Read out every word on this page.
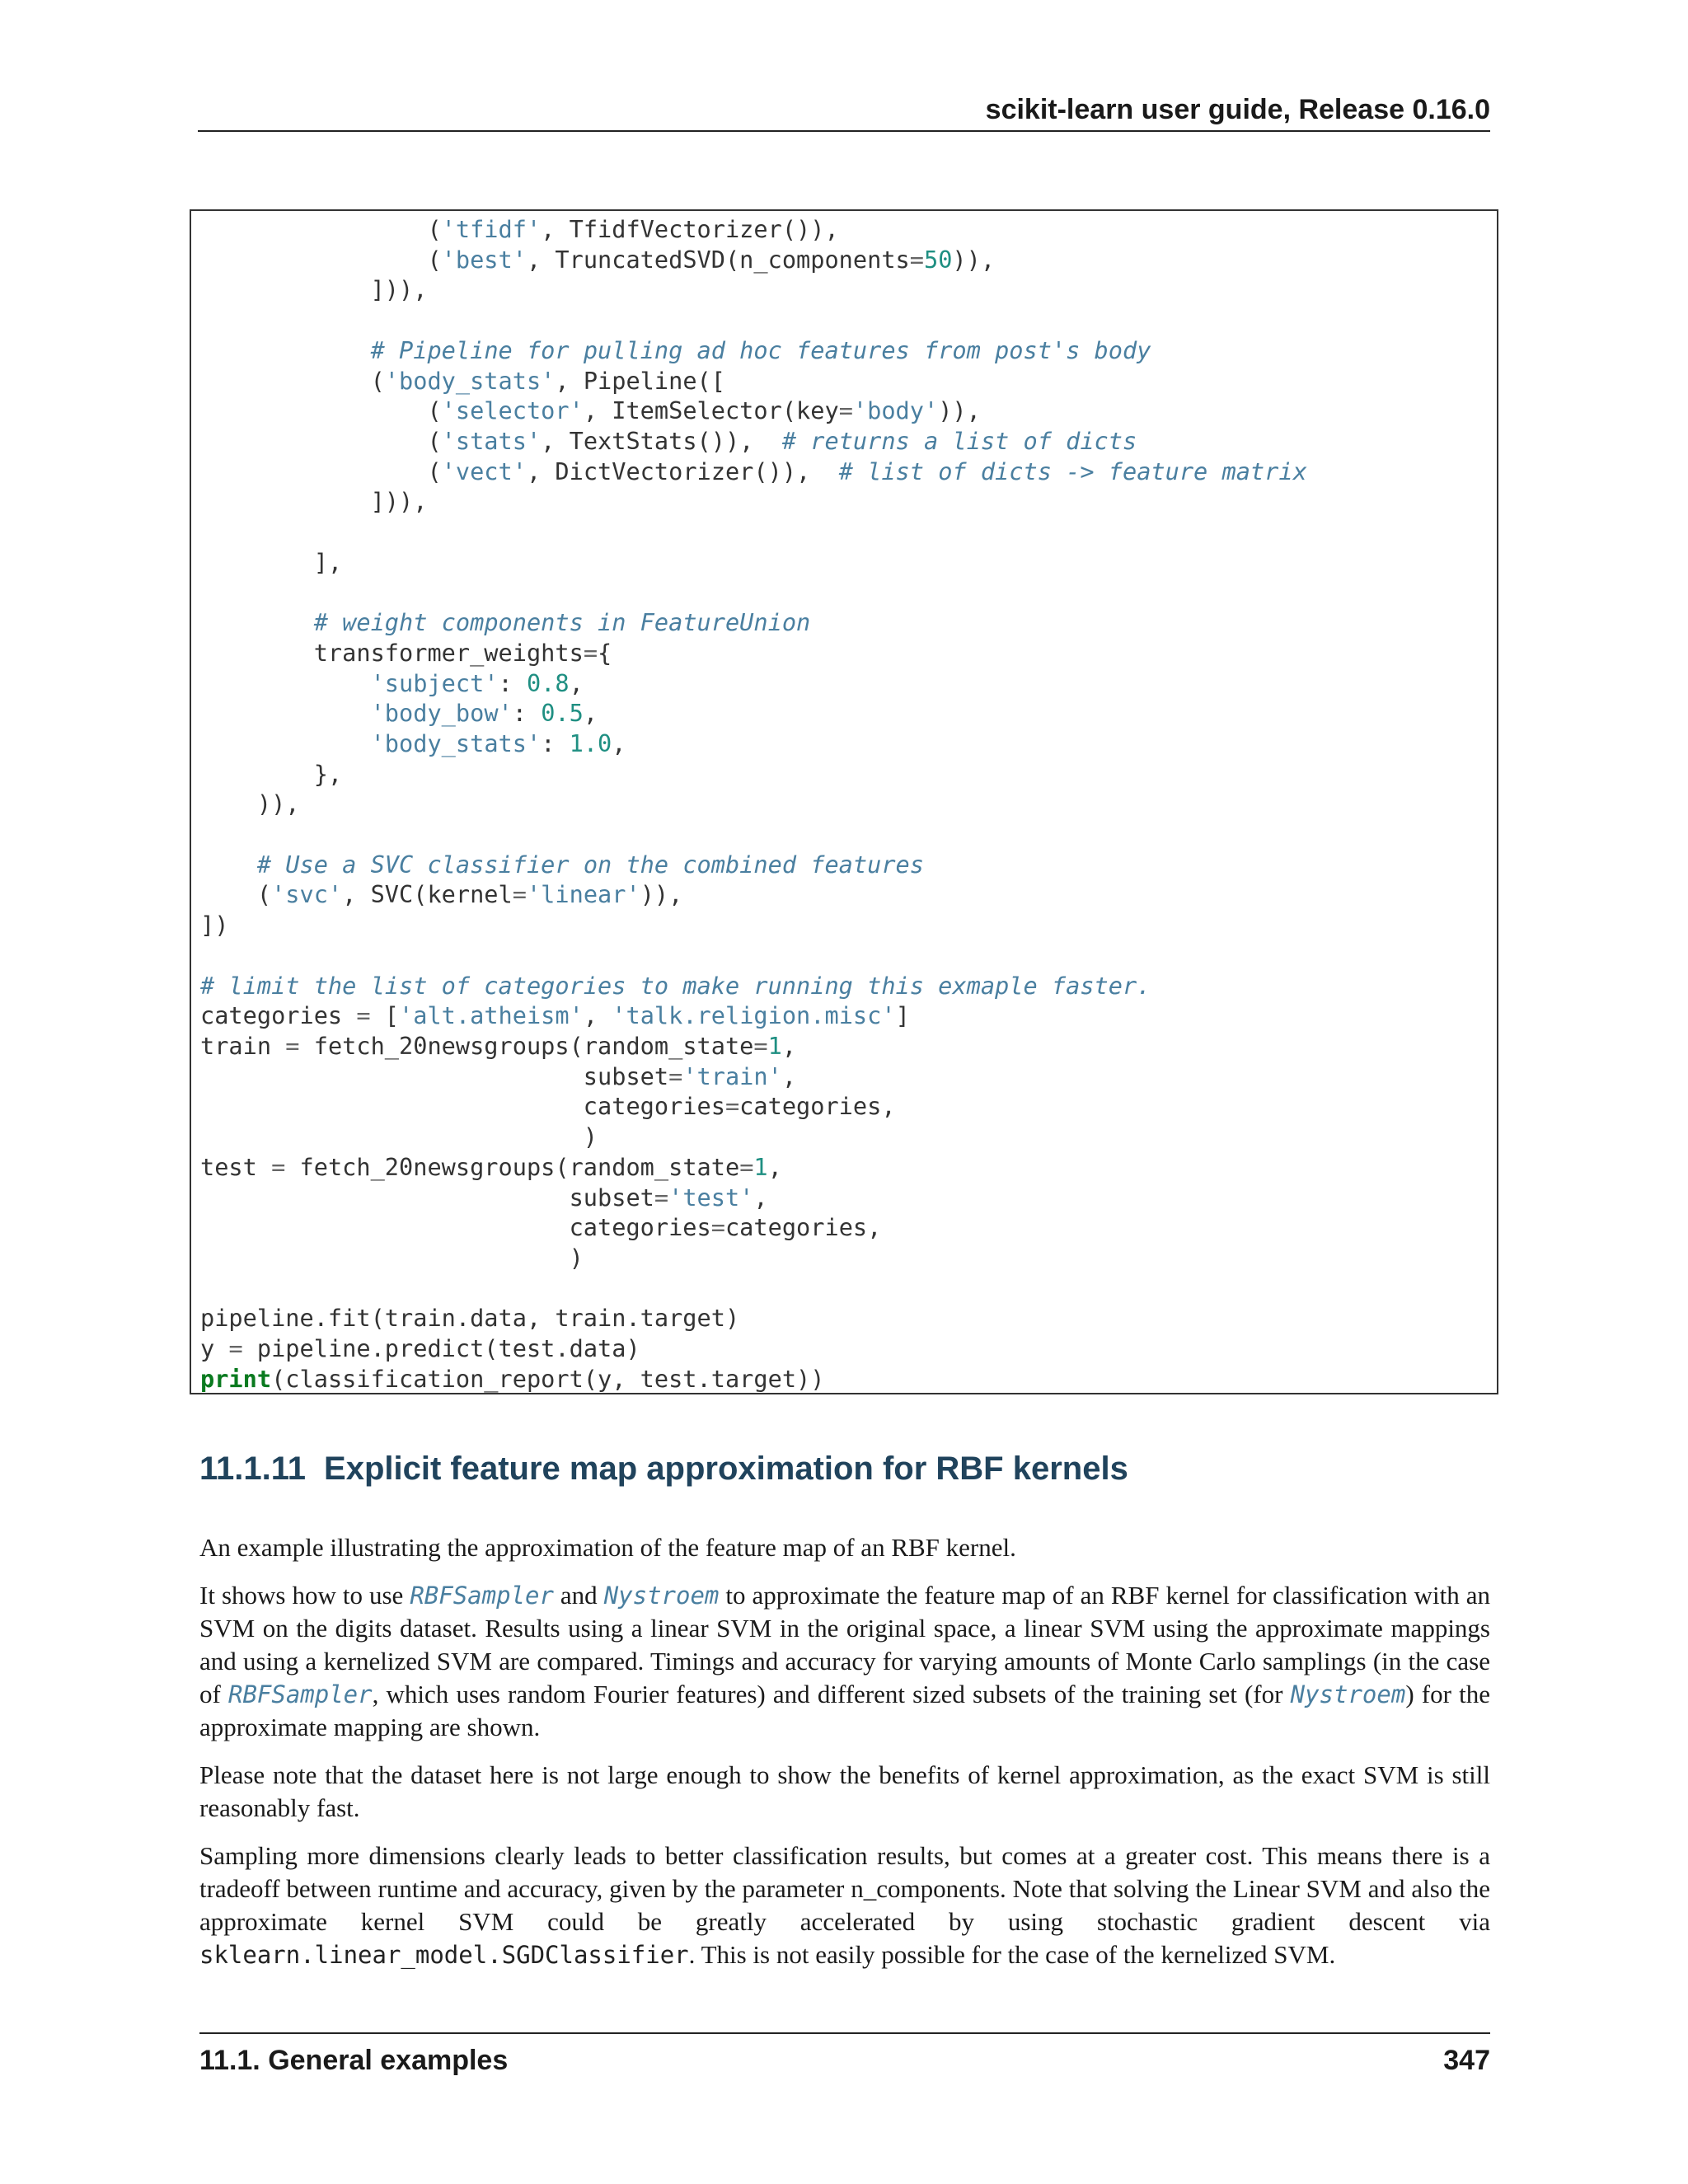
scikit-learn user guide, Release 0.16.0
('tfidf', TfidfVectorizer()),
('best', TruncatedSVD(n_components=50)),
])),

# Pipeline for pulling ad hoc features from post's body
('body_stats', Pipeline([
('selector', ItemSelector(key='body')),
('stats', TextStats()),  # returns a list of dicts
('vect', DictVectorizer()),  # list of dicts -> feature matrix
])),

],

# weight components in FeatureUnion
transformer_weights={
'subject': 0.8,
'body_bow': 0.5,
'body_stats': 1.0,
},
)),

# Use a SVC classifier on the combined features
('svc', SVC(kernel='linear')),
])

# limit the list of categories to make running this exmaple faster.
categories = ['alt.atheism', 'talk.religion.misc']
train = fetch_20newsgroups(random_state=1,
subset='train',
categories=categories,
)
test = fetch_20newsgroups(random_state=1,
subset='test',
categories=categories,
)

pipeline.fit(train.data, train.target)
y = pipeline.predict(test.data)
print(classification_report(y, test.target))

11.1.11 Explicit feature map approximation for RBF kernels

An example illustrating the approximation of the feature map of an RBF kernel.

It shows how to use RBFSampler and Nystroem to approximate the feature map of an RBF kernel for classification with an SVM on the digits dataset. Results using a linear SVM in the original space, a linear SVM using the approximate mappings and using a kernelized SVM are compared. Timings and accuracy for varying amounts of Monte Carlo samplings (in the case of RBFSampler, which uses random Fourier features) and different sized subsets of the training set (for Nystroem) for the approximate mapping are shown.

Please note that the dataset here is not large enough to show the benefits of kernel approximation, as the exact SVM is still reasonably fast.

Sampling more dimensions clearly leads to better classification results, but comes at a greater cost. This means there is a tradeoff between runtime and accuracy, given by the parameter n_components. Note that solving the Linear SVM and also the approximate kernel SVM could be greatly accelerated by using stochastic gradient descent via sklearn.linear_model.SGDClassifier. This is not easily possible for the case of the kernelized SVM.

11.1. General examples	347
